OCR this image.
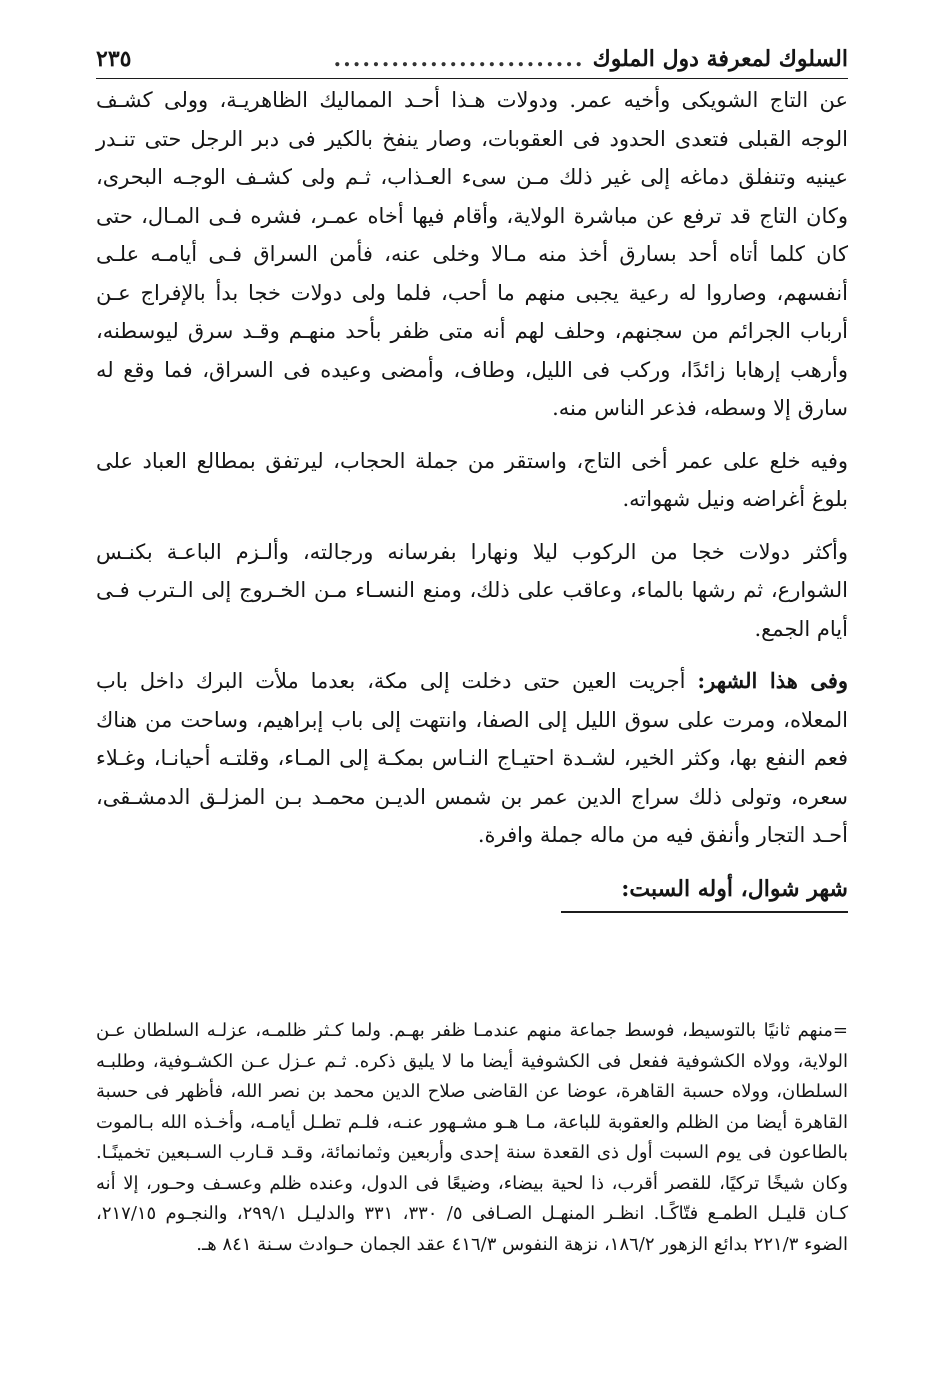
السلوك لمعرفة دول الملوك
..........................
٢٣٥

عن التاج الشويكى وأخيه عمر. ودولات هـذا أحـد المماليك الظاهريـة، وولى كشـف الوجه القبلى فتعدى الحدود فى العقوبات، وصار ينفخ بالكير فى دبر الرجل حتى تنـدر عينيه وتنفلق دماغه إلى غير ذلك مـن سىء العـذاب، ثـم ولى كشـف الوجـه البحرى، وكان التاج قد ترفع عن مباشرة الولاية، وأقام فيها أخاه عمـر، فشره فـى المـال، حتى كان كلما أتاه أحد بسارق أخذ منه مـالا وخلى عنه، فأمن السراق فـى أيامـه علـى أنفسهم، وصاروا له رعية يجبى منهم ما أحب، فلما ولى دولات خجا بدأ بالإفراج عـن أرباب الجرائم من سجنهم، وحلف لهم أنه متى ظفر بأحد منهـم وقـد سرق ليوسطنه، وأرهب إرهابا زائدًا، وركب فى الليل، وطاف، وأمضى وعيده فى السراق، فما وقع له سارق إلا وسطه، فذعر الناس منه.

وفيه خلع على عمر أخى التاج، واستقر من جملة الحجاب، ليرتفق بمطالع العباد على بلوغ أغراضه ونيل شهواته.

وأكثر دولات خجا من الركوب ليلا ونهارا بفرسانه ورجالته، وألـزم الباعـة بكنـس الشوارع، ثم رشها بالماء، وعاقب على ذلك، ومنع النسـاء مـن الخـروج إلى الـترب فـى أيام الجمع.

وفى هذا الشهر: أجريت العين حتى دخلت إلى مكة، بعدما ملأت البرك داخل باب المعلاه، ومرت على سوق الليل إلى الصفا، وانتهت إلى باب إبراهيم، وساحت من هناك فعم النفع بها، وكثر الخير، لشـدة احتيـاج النـاس بمكـة إلى المـاء، وقلتـه أحيانـا، وغـلاء سعره، وتولى ذلك سراج الدين عمر بن شمس الديـن محمـد بـن المزلـق الدمشـقى، أحـد التجار وأنفق فيه من ماله جملة وافرة.

شهر شوال، أوله السبت:

=منهم ثانيًا بالتوسيط، فوسط جماعة منهم عندمـا ظفر بهـم. ولما كـثر ظلمـه، عزلـه السلطان عـن الولاية، وولاه الكشوفية ففعل فى الكشوفية أيضا ما لا يليق ذكره. ثـم عـزل عـن الكشـوفية، وطلبـه السلطان، وولاه حسبة القاهرة، عوضا عن القاضى صلاح الدين محمد بن نصر الله، فأظهر فى حسبة القاهرة أيضا من الظلم والعقوبة للباعة، مـا هـو مشـهور عنـه، فلـم تطـل أيامـه، وأخـذه الله بـالموت بالطاعون فى يوم السبت أول ذى القعدة سنة إحدى وأربعين وثمانمائة، وقـد قـارب السـبعين تخمينًـا. وكان شيخًا تركيًا، للقصر أقرب، ذا لحية بيضاء، وضيعًا فى الدول، وعنده ظلم وعسـف وحـور، إلا أنه كـان قليـل الطمـع فتّاكًـا. انظـر المنهـل الصـافى ٥/ ٣٣٠، ٣٣١ والدليـل ٢٩٩/١، والنجـوم ٢١٧/١٥، الضوء ٢٢١/٣ بدائع الزهور ١٨٦/٢، نزهة النفوس ٤١٦/٣ عقد الجمان حـوادث سـنة ٨٤١ هـ.
